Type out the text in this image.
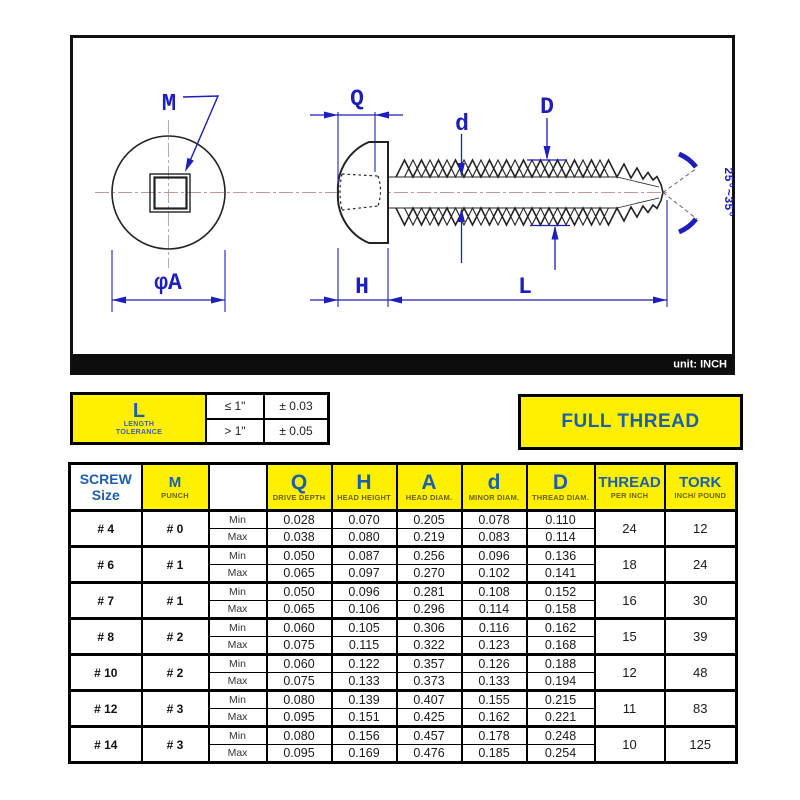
M
φA
Q
H	L
d
D
25°~35°
unit: INCH
L
LENGTH
TOLERANCE	≤ 1"	± 0.03
	> 1"	± 0.05	FULL THREAD
SCREW
Size

M
PUNCH

Q
DRIVE DEPTH

H
HEAD HEIGHT

A
HEAD DIAM.

d
MINOR DIAM.

D
THREAD DIAM.

THREAD
PER INCH

TORK
INCH/ POUND

# 4	# 0	Min	0.028	0.070	0.205	0.078	0.110	24	12
		Max	0.038	0.080	0.219	0.083	0.114		
# 6	# 1	Min	0.050	0.087	0.256	0.096	0.136	18	24
		Max	0.065	0.097	0.270	0.102	0.141		
# 7	# 1	Min	0.050	0.096	0.281	0.108	0.152	16	30
		Max	0.065	0.106	0.296	0.114	0.158		
# 8	# 2	Min	0.060	0.105	0.306	0.116	0.162	15	39
		Max	0.075	0.115	0.322	0.123	0.168		
# 10	# 2	Min	0.060	0.122	0.357	0.126	0.188	12	48
		Max	0.075	0.133	0.373	0.133	0.194		
# 12	# 3	Min	0.080	0.139	0.407	0.155	0.215	11	83
		Max	0.095	0.151	0.425	0.162	0.221		
# 14	# 3	Min	0.080	0.156	0.457	0.178	0.248	10	125
		Max	0.095	0.169	0.476	0.185	0.254		
